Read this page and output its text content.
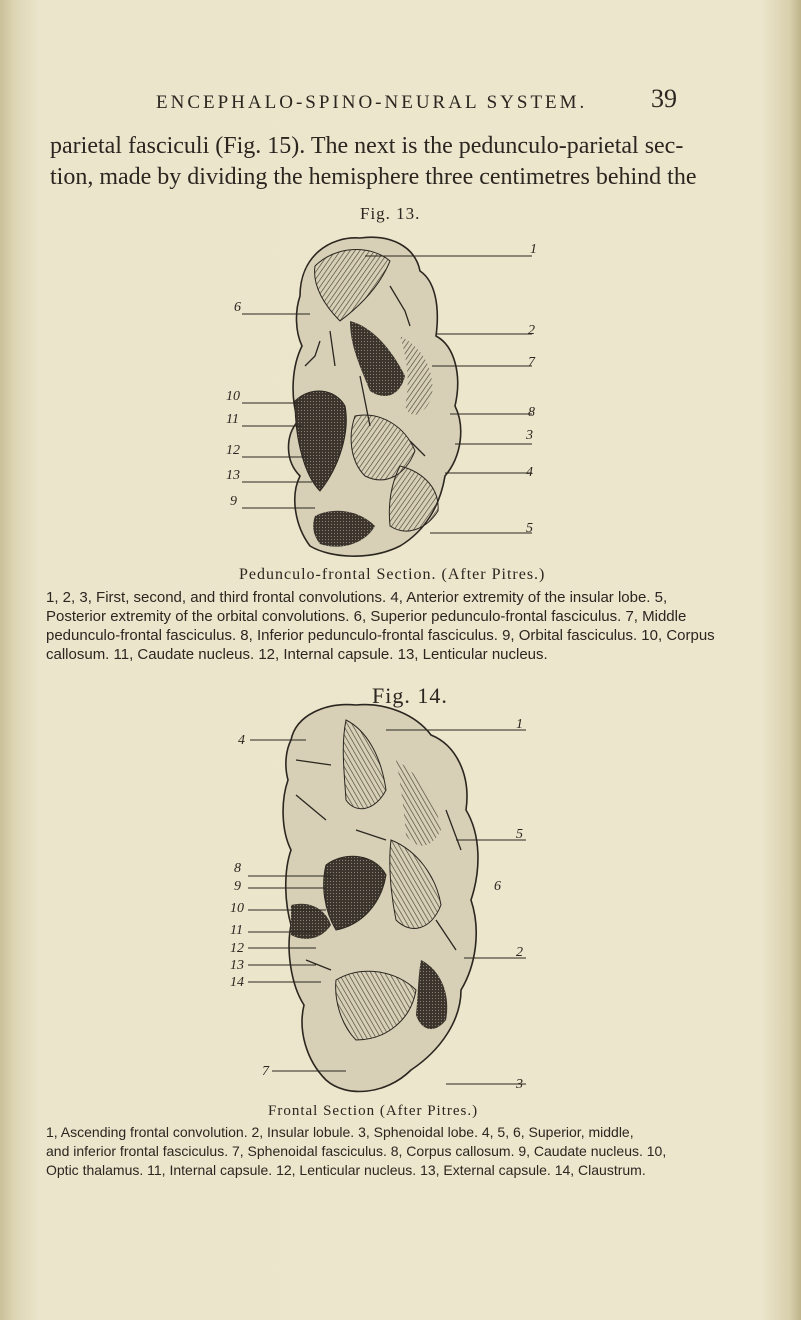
ENCEPHALO-SPINO-NEURAL SYSTEM. 39
parietal fasciculi (Fig. 15). The next is the pedunculo-parietal sec-
tion, made by dividing the hemisphere three centimetres behind the
Fig. 13.
6
10
11
12
13
9
1
2
7
8
3
4
5
Pedunculo-frontal Section. (After Pitres.)
1, 2, 3, First, second, and third frontal convolutions. 4, Anterior extremity of the insular lobe. 5,
Posterior extremity of the orbital convolutions. 6, Superior pedunculo-frontal fasciculus. 7, Middle
pedunculo-frontal fasciculus. 8, Inferior pedunculo-frontal fasciculus. 9, Orbital fasciculus. 10, Corpus
callosum. 11, Caudate nucleus. 12, Internal capsule. 13, Lenticular nucleus.
Fig. 14.
4
8
9
10
11
12
13
14
7
1
5
6
2
3
Frontal Section (After Pitres.)
1, Ascending frontal convolution. 2, Insular lobule. 3, Sphenoidal lobe. 4, 5, 6, Superior, middle,
and inferior frontal fasciculus. 7, Sphenoidal fasciculus. 8, Corpus callosum. 9, Caudate nucleus. 10,
Optic thalamus. 11, Internal capsule. 12, Lenticular nucleus. 13, External capsule. 14, Claustrum.
